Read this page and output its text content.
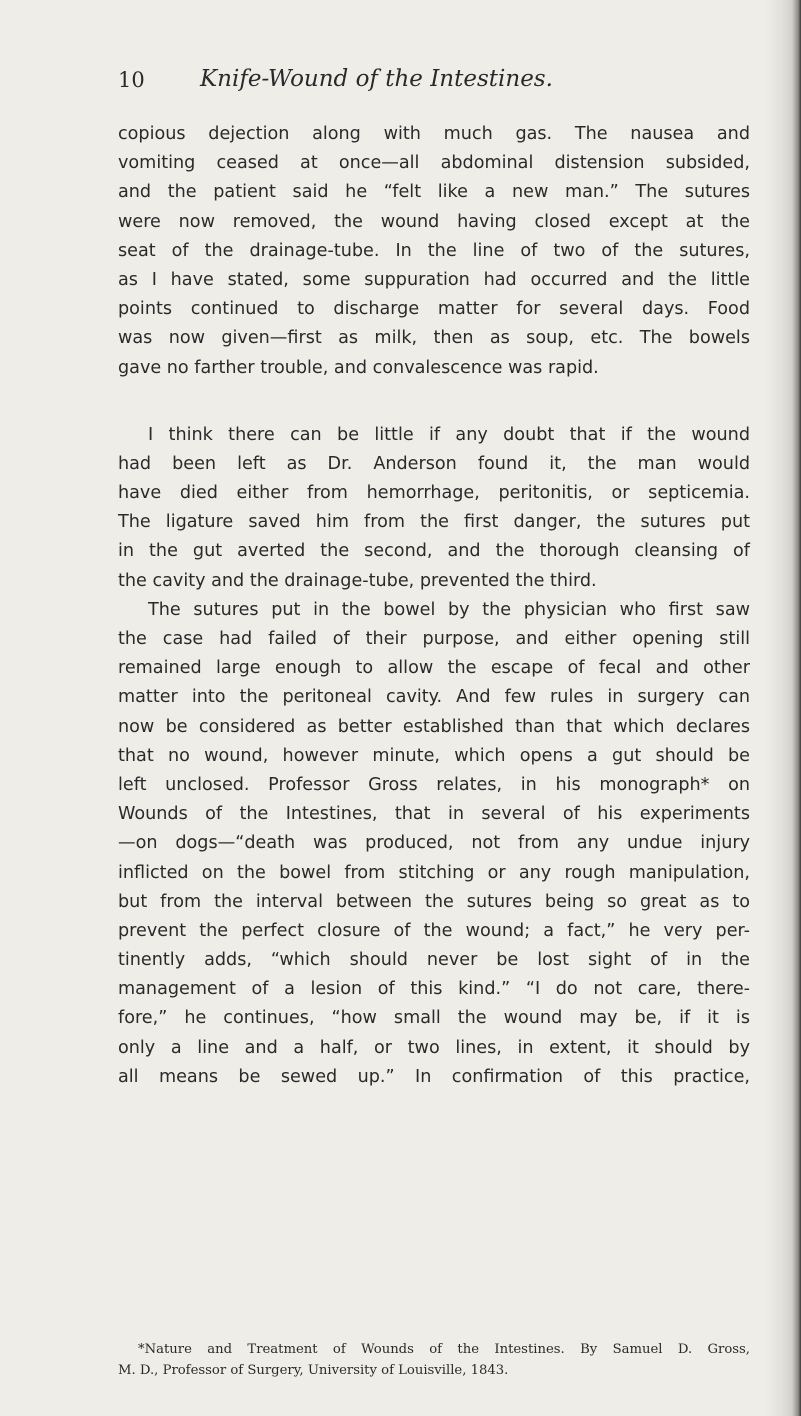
10 Knife-Wound of the Intestines.
copious dejection along with much gas. The nausea and
vomiting ceased at once—all abdominal distension subsided,
and the patient said he “felt like a new man.” The sutures
were now removed, the wound having closed except at the
seat of the drainage-tube. In the line of two of the sutures,
as I have stated, some suppuration had occurred and the little
points continued to discharge matter for several days. Food
was now given—first as milk, then as soup, etc. The bowels
gave no farther trouble, and convalescence was rapid.
I think there can be little if any doubt that if the wound
had been left as Dr. Anderson found it, the man would
have died either from hemorrhage, peritonitis, or septicemia.
The ligature saved him from the first danger, the sutures put
in the gut averted the second, and the thorough cleansing of
the cavity and the drainage-tube, prevented the third.
The sutures put in the bowel by the physician who first saw
the case had failed of their purpose, and either opening still
remained large enough to allow the escape of fecal and other
matter into the peritoneal cavity. And few rules in surgery can
now be considered as better established than that which declares
that no wound, however minute, which opens a gut should be
left unclosed. Professor Gross relates, in his monograph* on
Wounds of the Intestines, that in several of his experiments
—on dogs—“death was produced, not from any undue injury
inflicted on the bowel from stitching or any rough manipulation,
but from the interval between the sutures being so great as to
prevent the perfect closure of the wound; a fact,” he very per-
tinently adds, “which should never be lost sight of in the
management of a lesion of this kind.” “I do not care, there-
fore,” he continues, “how small the wound may be, if it is
only a line and a half, or two lines, in extent, it should by
all means be sewed up.” In confirmation of this practice,
*Nature and Treatment of Wounds of the Intestines. By Samuel D. Gross,
M. D., Professor of Surgery, University of Louisville, 1843.
